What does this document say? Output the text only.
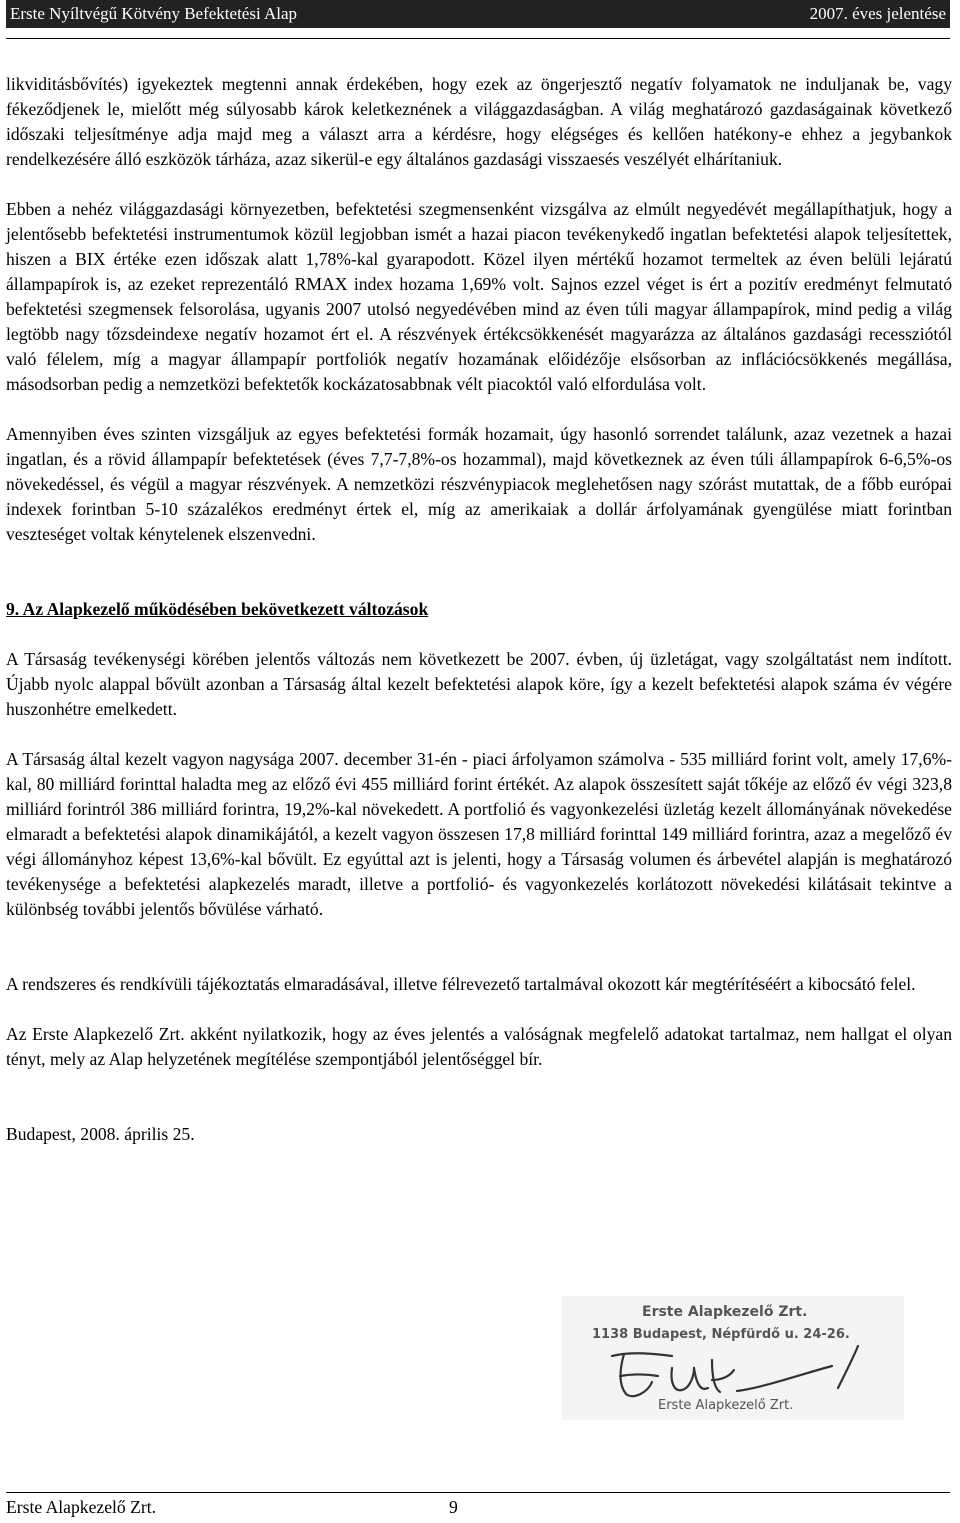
Erste Nyíltvégű Kötvény Befektetési Alap	2007. éves jelentése

likviditásbővítés) igyekeztek megtenni annak érdekében, hogy ezek az öngerjesztő negatív folyamatok ne induljanak be, vagy fékeződjenek le, mielőtt még súlyosabb károk keletkeznének a világgazdaságban. A világ meghatározó gazdaságainak következő időszaki teljesítménye adja majd meg a választ arra a kérdésre, hogy elégséges és kellően hatékony-e ehhez a jegybankok rendelkezésére álló eszközök tárháza, azaz sikerül-e egy általános gazdasági visszaesés veszélyét elhárítaniuk.

Ebben a nehéz világgazdasági környezetben, befektetési szegmensenként vizsgálva az elmúlt negyedévét megállapíthatjuk, hogy a jelentősebb befektetési instrumentumok közül legjobban ismét a hazai piacon tevékenykedő ingatlan befektetési alapok teljesítettek, hiszen a BIX értéke ezen időszak alatt 1,78%-kal gyarapodott. Közel ilyen mértékű hozamot termeltek az éven belüli lejáratú állampapírok is, az ezeket reprezentáló RMAX index hozama 1,69% volt. Sajnos ezzel véget is ért a pozitív eredményt felmutató befektetési szegmensek felsorolása, ugyanis 2007 utolsó negyedévében mind az éven túli magyar állampapírok, mind pedig a világ legtöbb nagy tőzsdeindexe negatív hozamot ért el. A részvények értékcsökkenését magyarázza az általános gazdasági recessziótól való félelem, míg a magyar állampapír portfoliók negatív hozamának előidézője elsősorban az inflációcsökkenés megállása, másodsorban pedig a nemzetközi befektetők kockázatosabbnak vélt piacoktól való elfordulása volt.

Amennyiben éves szinten vizsgáljuk az egyes befektetési formák hozamait, úgy hasonló sorrendet találunk, azaz vezetnek a hazai ingatlan, és a rövid állampapír befektetések (éves 7,7-7,8%-os hozammal), majd következnek az éven túli állampapírok 6-6,5%-os növekedéssel, és végül a magyar részvények. A nemzetközi részvénypiacok meglehetősen nagy szórást mutattak, de a főbb európai indexek forintban 5-10 százalékos eredményt értek el, míg az amerikaiak a dollár árfolyamának gyengülése miatt forintban veszteséget voltak kénytelenek elszenvedni.

9. Az Alapkezelő működésében bekövetkezett változások

A Társaság tevékenységi körében jelentős változás nem következett be 2007. évben, új üzletágat, vagy szolgáltatást nem indított. Újabb nyolc alappal bővült azonban a Társaság által kezelt befektetési alapok köre, így a kezelt befektetési alapok száma év végére huszonhétre emelkedett.

A Társaság által kezelt vagyon nagysága 2007. december 31-én - piaci árfolyamon számolva - 535 milliárd forint volt, amely 17,6%-kal, 80 milliárd forinttal haladta meg az előző évi 455 milliárd forint értékét. Az alapok összesített saját tőkéje az előző év végi 323,8 milliárd forintról 386 milliárd forintra, 19,2%-kal növekedett. A portfolió és vagyonkezelési üzletág kezelt állományának növekedése elmaradt a befektetési alapok dinamikájától, a kezelt vagyon összesen 17,8 milliárd forinttal 149 milliárd forintra, azaz a megelőző év végi állományhoz képest 13,6%-kal bővült. Ez egyúttal azt is jelenti, hogy a Társaság volumen és árbevétel alapján is meghatározó tevékenysége a befektetési alapkezelés maradt, illetve a portfolió- és vagyonkezelés korlátozott növekedési kilátásait tekintve a különbség további jelentős bővülése várható.

A rendszeres és rendkívüli tájékoztatás elmaradásával, illetve félrevezető tartalmával okozott kár megtérítéséért a kibocsátó felel.

Az Erste Alapkezelő Zrt. akként nyilatkozik, hogy az éves jelentés a valóságnak megfelelő adatokat tartalmaz, nem hallgat el olyan tényt, mely az Alap helyzetének megítélése szempontjából jelentőséggel bír.

Budapest, 2008. április 25.

Erste Alapkezelő Zrt.
1138 Budapest, Népfürdő u. 24-26.
Erste Alapkezelő Zrt.
Erste Alapkezelő Zrt.	9
